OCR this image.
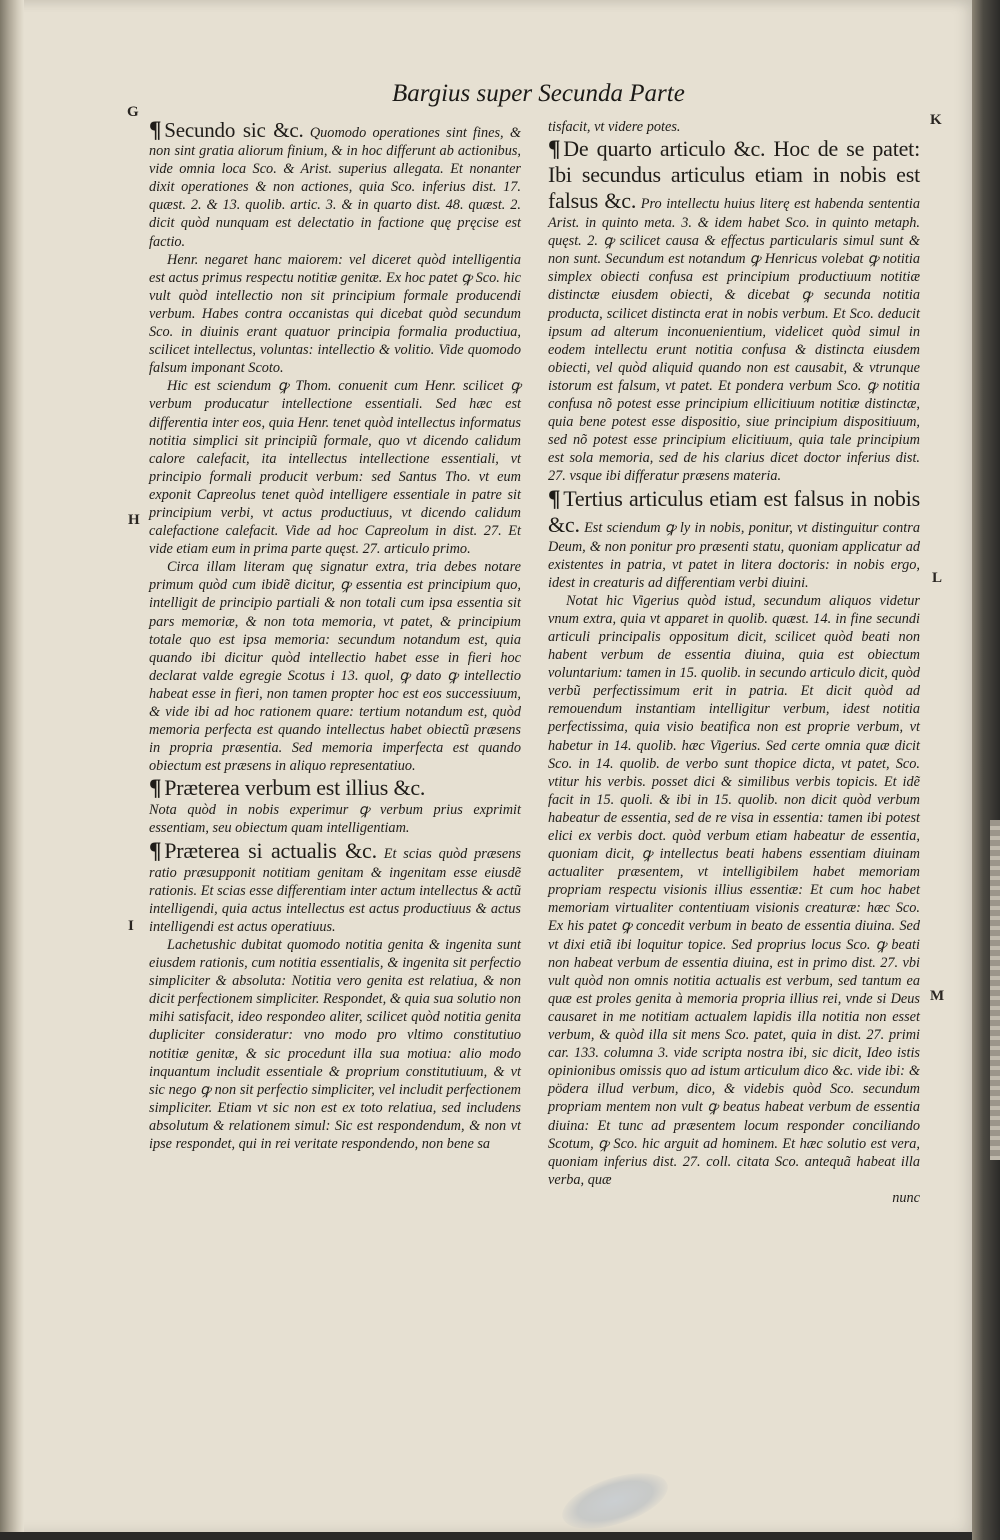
Bargius super Secunda Parte
G
H
I
K
L
M

¶ Secundo sic &c. Quomodo operationes sint fines, & non sint gratia aliorum finium, & in hoc differunt ab actionibus, vide omnia loca Sco. & Arist. superius allegata. Et nonanter dixit operationes & non actiones, quia Sco. inferius dist. 17. quæst. 2. & 13. quolib. artic. 3. & in quarto dist. 48. quæst. 2. dicit quòd nunquam est delectatio in factione quę pręcise est factio.

Henr. negaret hanc maiorem: vel diceret quòd intelligentia est actus primus respectu notitiæ genitæ. Ex hoc patet ꝙ Sco. hic vult quòd intellectio non sit principium formale producendi verbum. Habes contra occanistas qui dicebat quòd secundum Sco. in diuinis erant quatuor principia formalia productiua, scilicet intellectus, voluntas: intellectio & volitio. Vide quomodo falsum imponant Scoto.

Hic est sciendum ꝙ Thom. conuenit cum Henr. scilicet ꝙ verbum producatur intellectione essentiali. Sed hæc est differentia inter eos, quia Henr. tenet quòd intellectus informatus notitia simplici sit principiũ formale, quo vt dicendo calidum calore calefacit, ita intellectus intellectione essentiali, vt principio formali producit verbum: sed Santus Tho. vt eum exponit Capreolus tenet quòd intelligere essentiale in patre sit principium verbi, vt actus productiuus, vt dicendo calidum calefactione calefacit. Vide ad hoc Capreolum in dist. 27. Et vide etiam eum in prima parte quęst. 27. articulo primo.

Circa illam literam quę signatur extra, tria debes notare primum quòd cum ibidẽ dicitur, ꝙ essentia est principium quo, intelligit de principio partiali & non totali cum ipsa essentia sit pars memoriæ, & non tota memoria, vt patet, & principium totale quo est ipsa memoria: secundum notandum est, quia quando ibi dicitur quòd intellectio habet esse in fieri hoc declarat valde egregie Scotus i 13. quol, ꝙ dato ꝙ intellectio habeat esse in fieri, non tamen propter hoc est eos successiuum, & vide ibi ad hoc rationem quare: tertium notandum est, quòd memoria perfecta est quando intellectus habet obiectũ præsens in propria præsentia. Sed memoria imperfecta est quando obiectum est præsens in aliquo representatiuo.

¶ Præterea verbum est illius &c.

Nota quòd in nobis experimur ꝙ verbum prius exprimit essentiam, seu obiectum quam intelligentiam.

¶ Præterea si actualis &c. Et scias quòd præsens ratio præsupponit notitiam genitam & ingenitam esse eiusdẽ rationis. Et scias esse differentiam inter actum intellectus & actũ intelligendi, quia actus intellectus est actus productiuus & actus intelligendi est actus operatiuus.

Lachetushic dubitat quomodo notitia genita & ingenita sunt eiusdem rationis, cum notitia essentialis, & ingenita sit perfectio simpliciter & absoluta: Notitia vero genita est relatiua, & non dicit perfectionem simpliciter. Respondet, & quia sua solutio non mihi satisfacit, ideo respondeo aliter, scilicet quòd notitia genita dupliciter consideratur: vno modo pro vltimo constitutiuo notitiæ genitæ, & sic procedunt illa sua motiua: alio modo inquantum includit essentiale & proprium constitutiuum, & vt sic nego ꝙ non sit perfectio simpliciter, vel includit perfectionem simpliciter. Etiam vt sic non est ex toto relatiua, sed includens absolutum & relationem simul: Sic est respondendum, & non vt ipse respondet, qui in rei veritate respondendo, non bene sa

tisfacit, vt videre potes.

¶ De quarto articulo &c. Hoc de se patet: Ibi secundus articulus etiam in nobis est falsus &c. Pro intellectu huius literę est habenda sententia Arist. in quinto meta. 3. & idem habet Sco. in quinto metaph. quęst. 2. ꝙ scilicet causa & effectus particularis simul sunt & non sunt. Secundum est notandum ꝙ Henricus volebat ꝙ notitia simplex obiecti confusa est principium productiuum notitiæ distinctæ eiusdem obiecti, & dicebat ꝙ secunda notitia producta, scilicet distincta erat in nobis verbum. Et Sco. deducit ipsum ad alterum inconuenientium, videlicet quòd simul in eodem intellectu erunt notitia confusa & distincta eiusdem obiecti, vel quòd aliquid quando non est causabit, & vtrunque istorum est falsum, vt patet. Et pondera verbum Sco. ꝙ notitia confusa nõ potest esse principium ellicitiuum notitiæ distinctæ, quia bene potest esse dispositio, siue principium dispositiuum, sed nõ potest esse principium elicitiuum, quia tale principium est sola memoria, sed de his clarius dicet doctor inferius dist. 27. vsque ibi differatur præsens materia.

¶ Tertius articulus etiam est falsus in nobis &c. Est sciendum ꝙ ly in nobis, ponitur, vt distinguitur contra Deum, & non ponitur pro præsenti statu, quoniam applicatur ad existentes in patria, vt patet in litera doctoris: in nobis ergo, idest in creaturis ad differentiam verbi diuini.

Notat hic Vigerius quòd istud, secundum aliquos videtur vnum extra, quia vt apparet in quolib. quæst. 14. in fine secundi articuli principalis oppositum dicit, scilicet quòd beati non habent verbum de essentia diuina, quia est obiectum voluntarium: tamen in 15. quolib. in secundo articulo dicit, quòd verbũ perfectissimum erit in patria. Et dicit quòd ad remouendum instantiam intelligitur verbum, idest notitia perfectissima, quia visio beatifica non est proprie verbum, vt habetur in 14. quolib. hæc Vigerius. Sed certe omnia quæ dicit Sco. in 14. quolib. de verbo sunt thopice dicta, vt patet, Sco. vtitur his verbis. posset dici & similibus verbis topicis. Et idẽ facit in 15. quoli. & ibi in 15. quolib. non dicit quòd verbum habeatur de essentia, sed de re visa in essentia: tamen ibi potest elici ex verbis doct. quòd verbum etiam habeatur de essentia, quoniam dicit, ꝙ intellectus beati habens essentiam diuinam actualiter præsentem, vt intelligibilem habet memoriam propriam respectu visionis illius essentiæ: Et cum hoc habet memoriam virtualiter contentiuam visionis creaturæ: hæc Sco. Ex his patet ꝙ concedit verbum in beato de essentia diuina. Sed vt dixi etiã ibi loquitur topice. Sed proprius locus Sco. ꝙ beati non habeat verbum de essentia diuina, est in primo dist. 27. vbi vult quòd non omnis notitia actualis est verbum, sed tantum ea quæ est proles genita à memoria propria illius rei, vnde si Deus causaret in me notitiam actualem lapidis illa notitia non esset verbum, & quòd illa sit mens Sco. patet, quia in dist. 27. primi car. 133. columna 3. vide scripta nostra ibi, sic dicit, Ideo istis opinionibus omissis quo ad istum articulum dico &c. vide ibi: & pödera illud verbum, dico, & videbis quòd Sco. secundum propriam mentem non vult ꝙ beatus habeat verbum de essentia diuina: Et tunc ad præsentem locum responder conciliando Scotum, ꝙ Sco. hic arguit ad hominem. Et hæc solutio est vera, quoniam inferius dist. 27. coll. citata Sco. antequã habeat illa verba, quæ

nunc
